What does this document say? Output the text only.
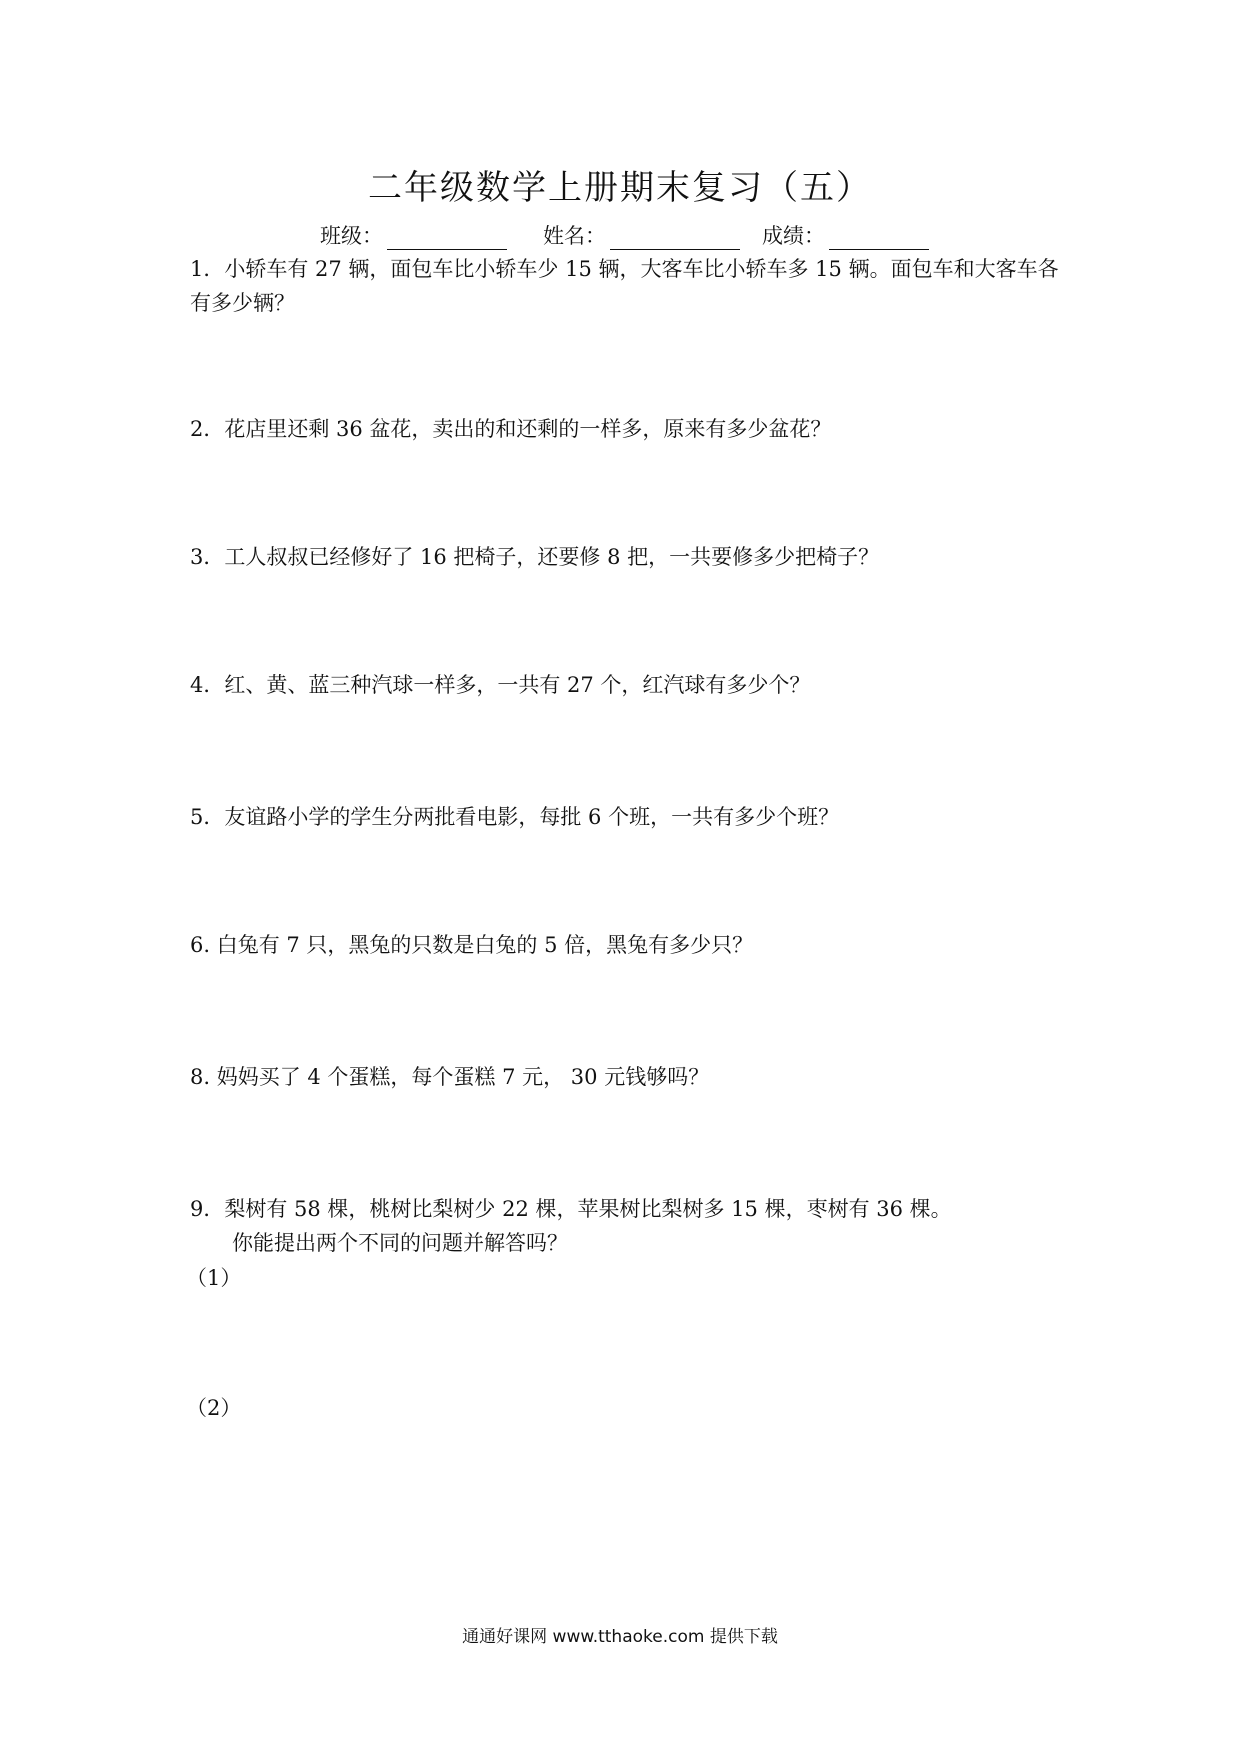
二年级数学上册期末复习（五）
班级：	姓名：	成绩：
1．小轿车有 27 辆，面包车比小轿车少 15 辆，大客车比小轿车多 15 辆。面包车和大客车各有多少辆？
2．花店里还剩 36 盆花，卖出的和还剩的一样多，原来有多少盆花？
3．工人叔叔已经修好了 16 把椅子，还要修 8 把，一共要修多少把椅子？
4．红、黄、蓝三种汽球一样多，一共有 27 个，红汽球有多少个？
5．友谊路小学的学生分两批看电影，每批 6 个班，一共有多少个班？
6. 白兔有 7 只，黑兔的只数是白兔的 5 倍，黑兔有多少只？
8. 妈妈买了 4 个蛋糕，每个蛋糕 7 元， 30 元钱够吗？
9．梨树有 58 棵，桃树比梨树少 22 棵，苹果树比梨树多 15 棵，枣树有 36 棵。
你能提出两个不同的问题并解答吗？
（1）
（2）
通通好课网 www.tthaoke.com 提供下载
